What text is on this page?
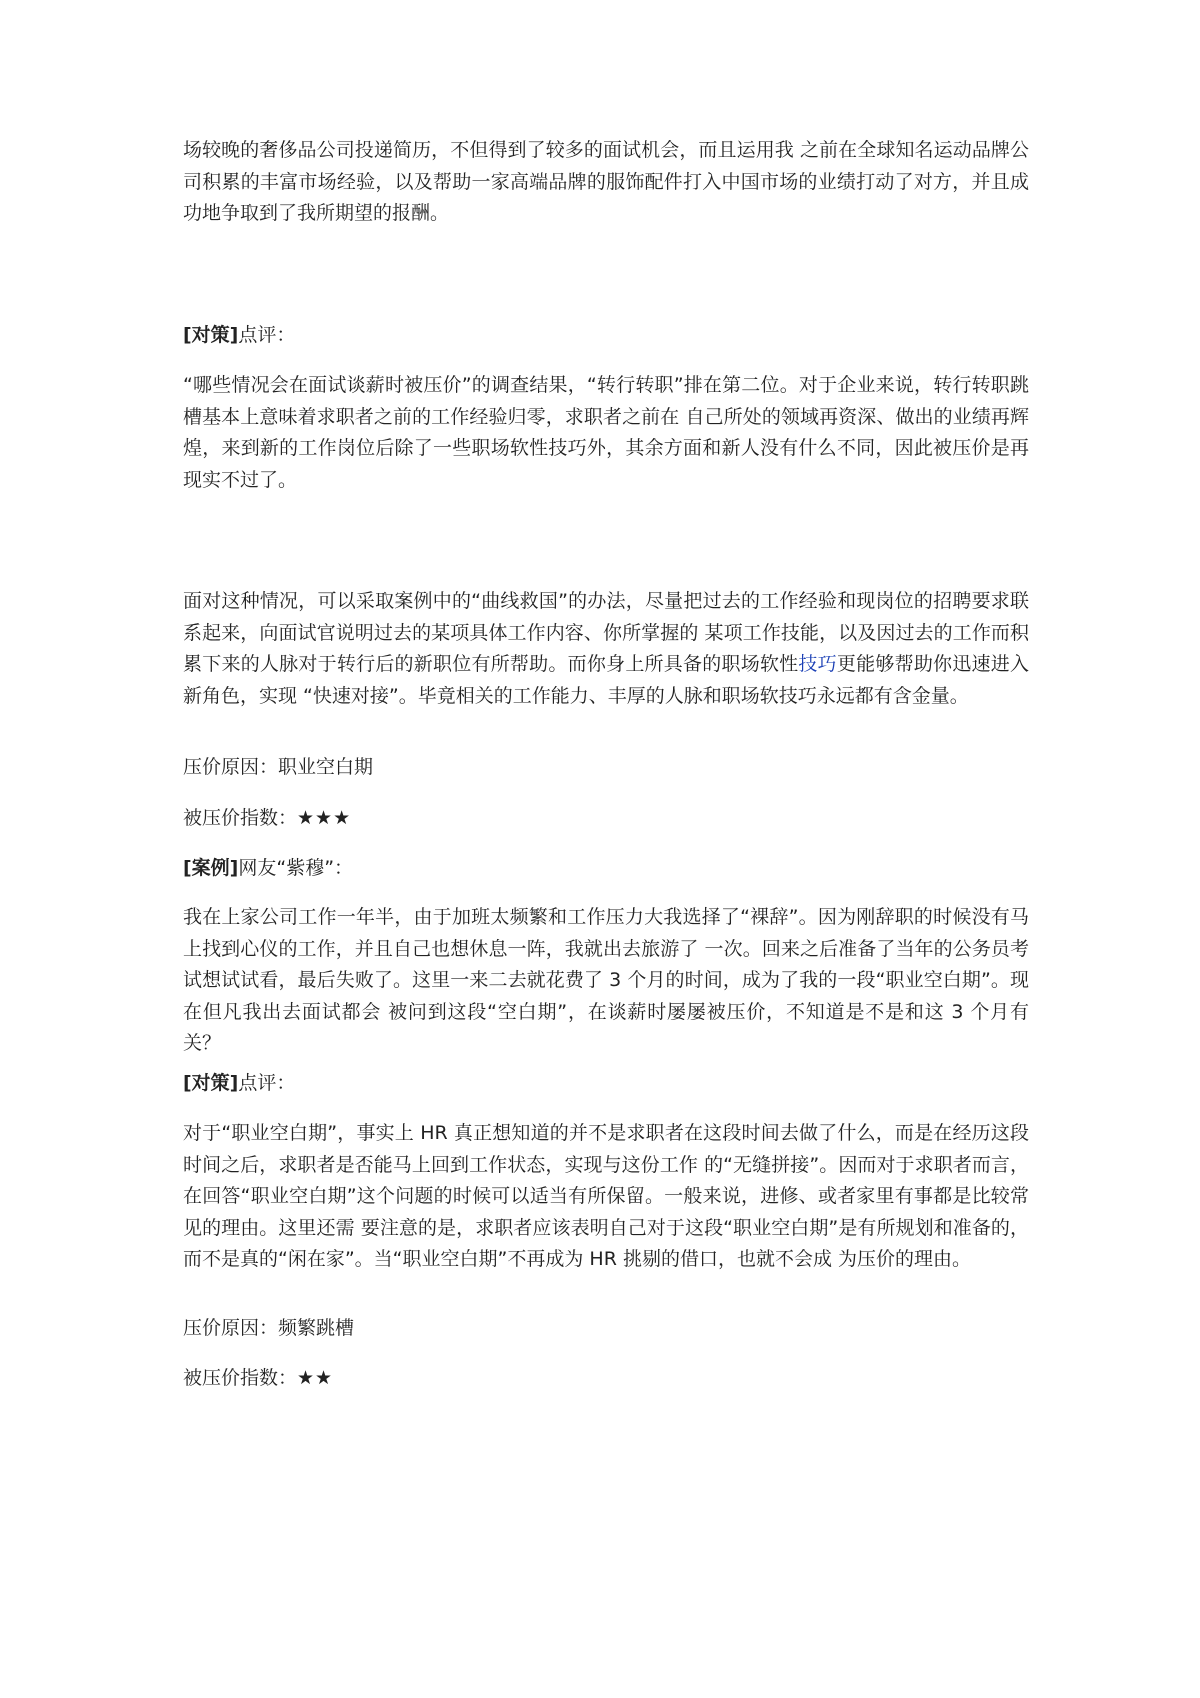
场较晚的奢侈品公司投递简历，不但得到了较多的面试机会，而且运用我 之前在全球知名运动品牌公司积累的丰富市场经验，以及帮助一家高端品牌的服饰配件打入中国市场的业绩打动了对方，并且成功地争取到了我所期望的报酬。

[对策]点评：

“哪些情况会在面试谈薪时被压价”的调查结果，“转行转职”排在第二位。对于企业来说，转行转职跳槽基本上意味着求职者之前的工作经验归零，求职者之前在 自己所处的领域再资深、做出的业绩再辉煌，来到新的工作岗位后除了一些职场软性技巧外，其余方面和新人没有什么不同，因此被压价是再现实不过了。

面对这种情况，可以采取案例中的“曲线救国”的办法，尽量把过去的工作经验和现岗位的招聘要求联系起来，向面试官说明过去的某项具体工作内容、你所掌握的 某项工作技能，以及因过去的工作而积累下来的人脉对于转行后的新职位有所帮助。而你身上所具备的职场软性技巧更能够帮助你迅速进入新角色，实现 “快速对接”。毕竟相关的工作能力、丰厚的人脉和职场软技巧永远都有含金量。

压价原因：职业空白期

被压价指数：★★★

[案例]网友“紫穆”：

我在上家公司工作一年半，由于加班太频繁和工作压力大我选择了“裸辞”。因为刚辞职的时候没有马上找到心仪的工作，并且自己也想休息一阵，我就出去旅游了 一次。回来之后准备了当年的公务员考试想试试看，最后失败了。这里一来二去就花费了 3 个月的时间，成为了我的一段“职业空白期”。现在但凡我出去面试都会 被问到这段“空白期”，在谈薪时屡屡被压价，不知道是不是和这 3 个月有关？

[对策]点评：

对于“职业空白期”，事实上 HR 真正想知道的并不是求职者在这段时间去做了什么，而是在经历这段时间之后，求职者是否能马上回到工作状态，实现与这份工作 的“无缝拼接”。因而对于求职者而言，在回答“职业空白期”这个问题的时候可以适当有所保留。一般来说，进修、或者家里有事都是比较常见的理由。这里还需 要注意的是，求职者应该表明自己对于这段“职业空白期”是有所规划和准备的，而不是真的“闲在家”。当“职业空白期”不再成为 HR 挑剔的借口，也就不会成 为压价的理由。

压价原因：频繁跳槽

被压价指数：★★
